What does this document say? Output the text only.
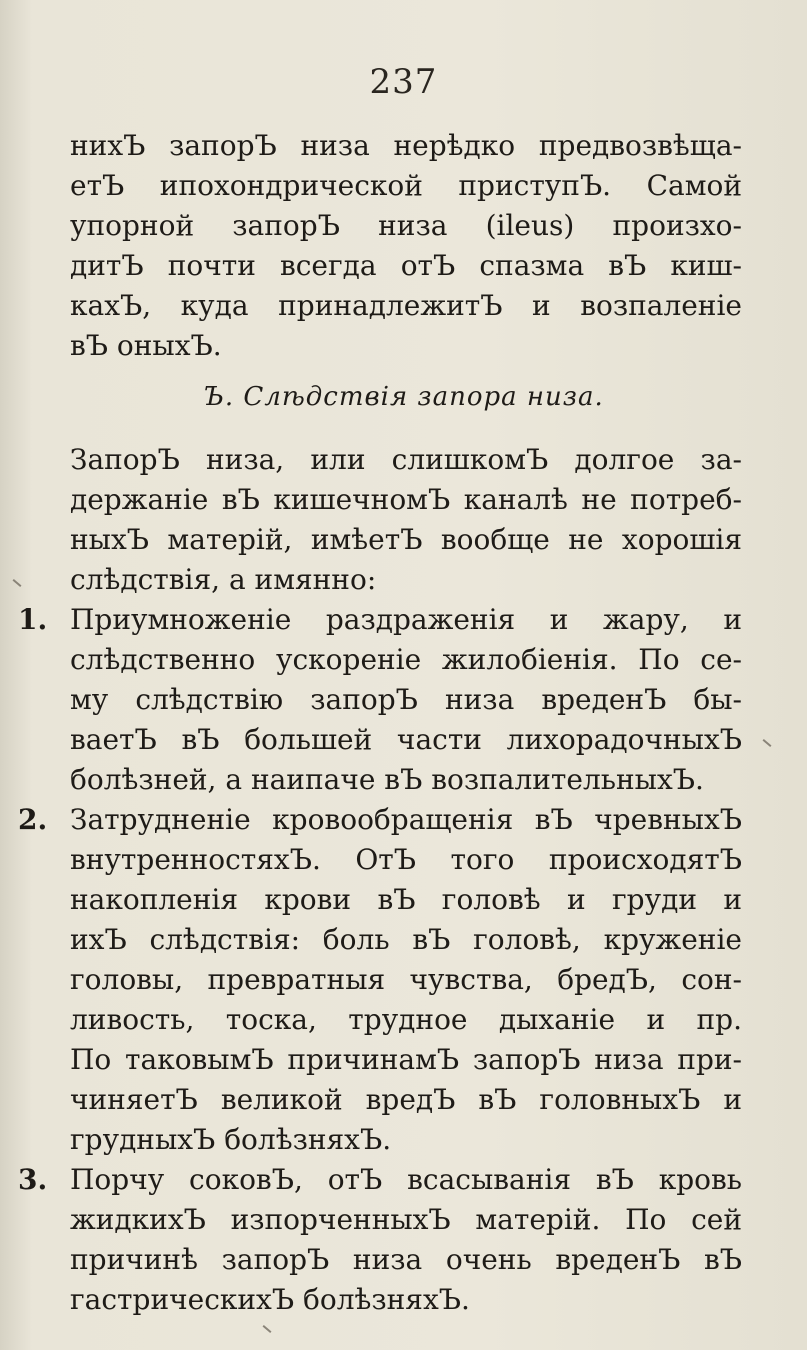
237
нихЪ запорЪ низа нерѣдко предвозвѣща-
етЪ ипохондрической приступЪ. Самой
упорной запорЪ низа (ileus) произхо-
дитЪ почти всегда отЪ спазма вЪ киш-
кахЪ, куда принадлежитЪ и возпаленіе
вЪ оныхЪ.
Ъ. Слѣдствія запора низа.
ЗапорЪ низа, или слишкомЪ долгое за-
держаніе вЪ кишечномЪ каналѣ не потреб-
ныхЪ матерій, имѣетЪ вообще не хорошія
слѣдствія, а имянно:
1. Приумноженіе раздраженія и жару, и
слѣдственно ускореніе жилобіенія. По се-
му слѣдствію запорЪ низа вреденЪ бы-
ваетЪ вЪ большей части лихорадочныхЪ
болѣзней, а наипаче вЪ возпалительныхЪ.
2. Затрудненіе кровообращенія вЪ чревныхЪ
внутренностяхЪ. ОтЪ того происходятЪ
накопленія крови вЪ головѣ и груди и
ихЪ слѣдствія: боль вЪ головѣ, круженіе
головы, превратныя чувства, бредЪ, сон-
ливость, тоска, трудное дыханіе и пр.
По таковымЪ причинамЪ запорЪ низа при-
чиняетЪ великой вредЪ вЪ головныхЪ и
грудныхЪ болѣзняхЪ.
3. Порчу соковЪ, отЪ всасыванія вЪ кровь
жидкихЪ изпорченныхЪ матерій. По сей
причинѣ запорЪ низа очень вреденЪ вЪ
гастрическихЪ болѣзняхЪ.
